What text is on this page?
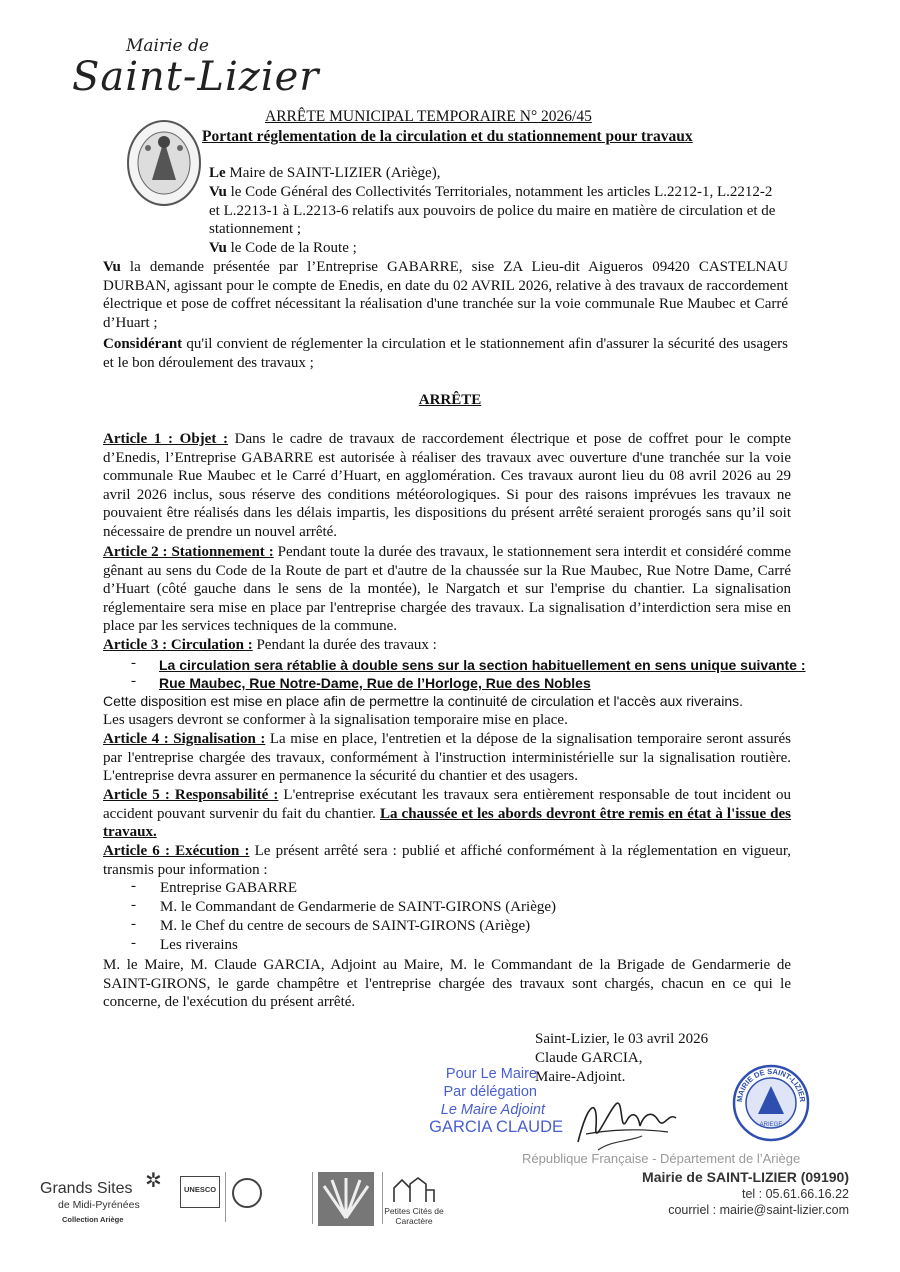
Mairie de
Saint-Lizier
ARRÊTE MUNICIPAL TEMPORAIRE N° 2026/45
Portant réglementation de la circulation et du stationnement pour travaux
Le Maire de SAINT-LIZIER (Ariège),
Vu le Code Général des Collectivités Territoriales, notamment les articles L.2212-1, L.2212-2
et L.2213-1 à L.2213-6 relatifs aux pouvoirs de police du maire en matière de circulation et de
stationnement ;
Vu le Code de la Route ;
Vu la demande présentée par l’Entreprise GABARRE, sise ZA Lieu-dit Aigueros 09420 CASTELNAU DURBAN, agissant pour le compte de Enedis, en date du 02 AVRIL 2026, relative à des travaux de raccordement électrique et pose de coffret nécessitant la réalisation d'une tranchée sur la voie communale Rue Maubec et Carré d’Huart ;
Considérant qu'il convient de réglementer la circulation et le stationnement afin d'assurer la sécurité des usagers et le bon déroulement des travaux ;
ARRÊTE
Article 1 : Objet : Dans le cadre de travaux de raccordement électrique et pose de coffret pour le compte d’Enedis, l’Entreprise GABARRE est autorisée à réaliser des travaux avec ouverture d'une tranchée sur la voie communale Rue Maubec et le Carré d’Huart, en agglomération. Ces travaux auront lieu du 08 avril 2026 au 29 avril 2026 inclus, sous réserve des conditions météorologiques. Si pour des raisons imprévues les travaux ne pouvaient être réalisés dans les délais impartis, les dispositions du présent arrêté seraient prorogés sans qu’il soit nécessaire de prendre un nouvel arrêté.
Article 2 : Stationnement : Pendant toute la durée des travaux, le stationnement sera interdit et considéré comme gênant au sens du Code de la Route de part et d'autre de la chaussée sur la Rue Maubec, Rue Notre Dame, Carré d’Huart (côté gauche dans le sens de la montée), le Nargatch et sur l'emprise du chantier. La signalisation réglementaire sera mise en place par l'entreprise chargée des travaux. La signalisation d’interdiction sera mise en place par les services techniques de la commune.
Article 3 : Circulation : Pendant la durée des travaux :
- La circulation sera rétablie à double sens sur la section habituellement en sens unique suivante :
- Rue Maubec, Rue Notre-Dame, Rue de l’Horloge, Rue des Nobles
Cette disposition est mise en place afin de permettre la continuité de circulation et l'accès aux riverains.
Les usagers devront se conformer à la signalisation temporaire mise en place.
Article 4 : Signalisation : La mise en place, l'entretien et la dépose de la signalisation temporaire seront assurés par l'entreprise chargée des travaux, conformément à l'instruction interministérielle sur la signalisation routière. L'entreprise devra assurer en permanence la sécurité du chantier et des usagers.
Article 5 : Responsabilité : L'entreprise exécutant les travaux sera entièrement responsable de tout incident ou accident pouvant survenir du fait du chantier. La chaussée et les abords devront être remis en état à l'issue des travaux.
Article 6 : Exécution : Le présent arrêté sera : publié et affiché conformément à la réglementation en vigueur, transmis pour information :
- Entreprise GABARRE
- M. le Commandant de Gendarmerie de SAINT-GIRONS (Ariège)
- M. le Chef du centre de secours de SAINT-GIRONS (Ariège)
- Les riverains
M. le Maire, M. Claude GARCIA, Adjoint au Maire, M. le Commandant de la Brigade de Gendarmerie de SAINT-GIRONS, le garde champêtre et l'entreprise chargée des travaux sont chargés, chacun en ce qui le concerne, de l'exécution du présent arrêté.
Saint-Lizier, le 03 avril 2026
Claude GARCIA,
Maire-Adjoint.
Pour Le Maire
Par délégation
Le Maire Adjoint
GARCIA CLAUDE
MAIRIE DE SAINT-LIZIER
ARIEGE
Grands Sites ✲
de Midi-Pyrénées
Collection Ariège
UNESCO
Petites Cités de Caractère
République Française - Département de l’Ariège
Mairie de SAINT-LIZIER (09190)
tel : 05.61.66.16.22
courriel : mairie@saint-lizier.com
